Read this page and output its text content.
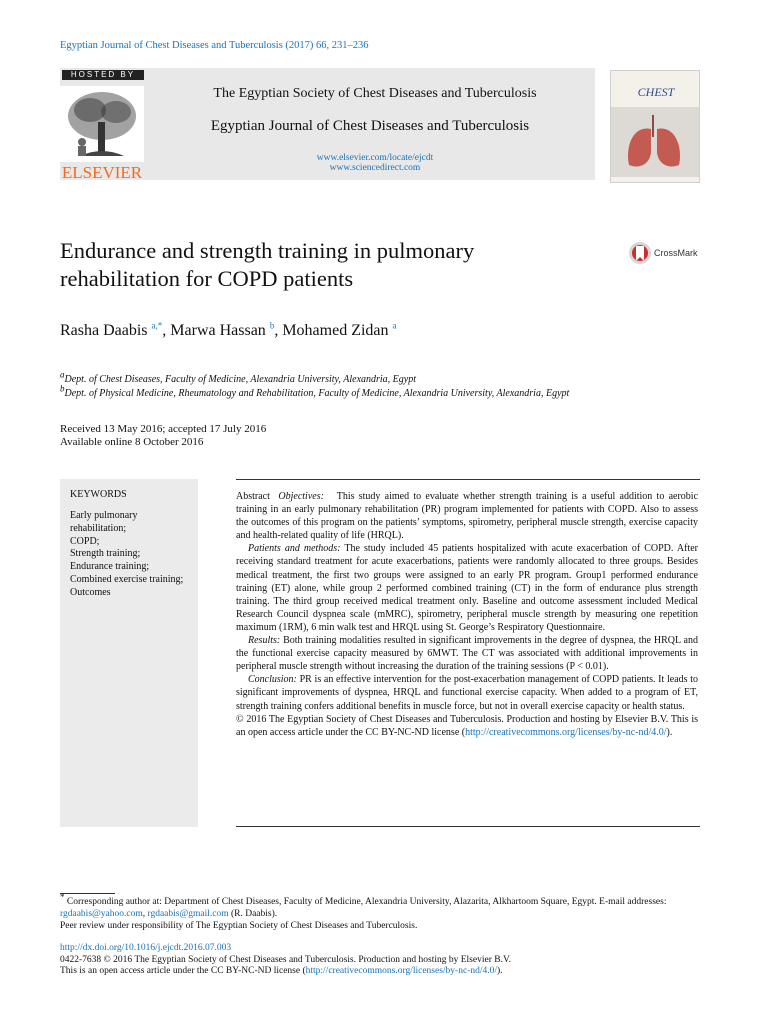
Egyptian Journal of Chest Diseases and Tuberculosis (2017) 66, 231–236
HOSTED BY
ELSEVIER
The Egyptian Society of Chest Diseases and Tuberculosis
Egyptian Journal of Chest Diseases and Tuberculosis
www.elsevier.com/locate/ejcdt
www.sciencedirect.com
CHEST
Endurance and strength training in pulmonary
rehabilitation for COPD patients
CrossMark
Rasha Daabis $^{a,*}$, Marwa Hassan $^b$, Mohamed Zidan $^a$
$^a$Dept. of Chest Diseases, Faculty of Medicine, Alexandria University, Alexandria, Egypt
$^b$Dept. of Physical Medicine, Rheumatology and Rehabilitation, Faculty of Medicine, Alexandria University, Alexandria, Egypt
Received 13 May 2016; accepted 17 July 2016
Available online 8 October 2016
KEYWORDS
Early pulmonary rehabilitation;
COPD;
Strength training;
Endurance training;
Combined exercise training;
Outcomes

Abstract Objectives: This study aimed to evaluate whether strength training is a useful addition to aerobic training in an early pulmonary rehabilitation (PR) program implemented for patients with COPD. Also to assess the outcomes of this program on the patients’ symptoms, spirometry, peripheral muscle strength, exercise capacity and health-related quality of life (HRQL).

Patients and methods: The study included 45 patients hospitalized with acute exacerbation of COPD. After receiving standard treatment for acute exacerbations, patients were randomly allocated to three groups. Besides medical treatment, the first two groups were assigned to an early PR program. Group1 performed endurance training (ET) alone, while group 2 performed combined training (CT) in the form of endurance plus strength training. The third group received medical treatment only. Baseline and outcome assessment included Medical Research Council dyspnea scale (mMRC), spirometry, peripheral muscle strength by measuring one repetition maximum (1RM), 6 min walk test and HRQL using St. George’s Respiratory Questionnaire.

Results: Both training modalities resulted in significant improvements in the degree of dyspnea, the HRQL and the functional exercise capacity measured by 6MWT. The CT was associated with additional improvements in peripheral muscle strength without increasing the duration of the training sessions (P < 0.01).

Conclusion: PR is an effective intervention for the post-exacerbation management of COPD patients. It leads to significant improvements of dyspnea, HRQL and functional exercise capacity. When added to a program of ET, strength training confers additional benefits in muscle force, but not in overall exercise capacity or health status.

© 2016 The Egyptian Society of Chest Diseases and Tuberculosis. Production and hosting by Elsevier B.V. This is an open access article under the CC BY-NC-ND license (http://creativecommons.org/licenses/by-nc-nd/4.0/).

* Corresponding author at: Department of Chest Diseases, Faculty of Medicine, Alexandria University, Alazarita, Alkhartoom Square, Egypt. E-mail addresses: rgdaabis@yahoo.com, rgdaabis@gmail.com (R. Daabis).

Peer review under responsibility of The Egyptian Society of Chest Diseases and Tuberculosis.

http://dx.doi.org/10.1016/j.ejcdt.2016.07.003

0422-7638 © 2016 The Egyptian Society of Chest Diseases and Tuberculosis. Production and hosting by Elsevier B.V.

This is an open access article under the CC BY-NC-ND license (http://creativecommons.org/licenses/by-nc-nd/4.0/).
